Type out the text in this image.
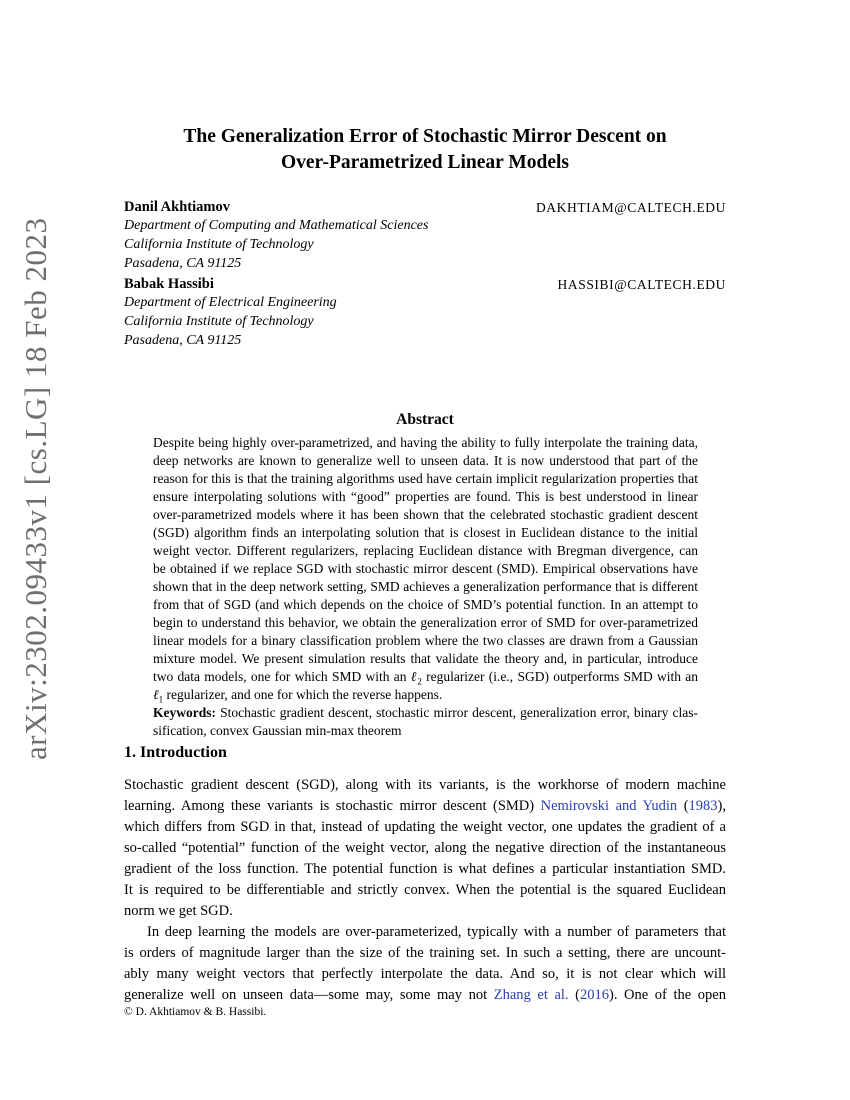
arXiv:2302.09433v1 [cs.LG] 18 Feb 2023
The Generalization Error of Stochastic Mirror Descent on
Over-Parametrized Linear Models
Danil Akhtiamov	DAKHTIAM@CALTECH.EDU
Department of Computing and Mathematical Sciences
California Institute of Technology
Pasadena, CA 91125
Babak Hassibi	HASSIBI@CALTECH.EDU
Department of Electrical Engineering
California Institute of Technology
Pasadena, CA 91125
Abstract
Despite being highly over-parametrized, and having the ability to fully interpolate the training data,
deep networks are known to generalize well to unseen data. It is now understood that part of the
reason for this is that the training algorithms used have certain implicit regularization properties that
ensure interpolating solutions with “good” properties are found. This is best understood in linear
over-parametrized models where it has been shown that the celebrated stochastic gradient descent
(SGD) algorithm finds an interpolating solution that is closest in Euclidean distance to the initial
weight vector. Different regularizers, replacing Euclidean distance with Bregman divergence, can
be obtained if we replace SGD with stochastic mirror descent (SMD). Empirical observations have
shown that in the deep network setting, SMD achieves a generalization performance that is different
from that of SGD (and which depends on the choice of SMD’s potential function. In an attempt to
begin to understand this behavior, we obtain the generalization error of SMD for over-parametrized
linear models for a binary classification problem where the two classes are drawn from a Gaussian
mixture model. We present simulation results that validate the theory and, in particular, introduce
two data models, one for which SMD with an ℓ$_2$ regularizer (i.e., SGD) outperforms SMD with an
ℓ$_1$ regularizer, and one for which the reverse happens.
Keywords: Stochastic gradient descent, stochastic mirror descent, generalization error, binary clas-
sification, convex Gaussian min-max theorem
1. Introduction
Stochastic gradient descent (SGD), along with its variants, is the workhorse of modern machine
learning. Among these variants is stochastic mirror descent (SMD) Nemirovski and Yudin (1983),
which differs from SGD in that, instead of updating the weight vector, one updates the gradient of a
so-called “potential” function of the weight vector, along the negative direction of the instantaneous
gradient of the loss function. The potential function is what defines a particular instantiation SMD.
It is required to be differentiable and strictly convex. When the potential is the squared Euclidean
norm we get SGD.
In deep learning the models are over-parameterized, typically with a number of parameters that
is orders of magnitude larger than the size of the training set. In such a setting, there are uncount-
ably many weight vectors that perfectly interpolate the data. And so, it is not clear which will
generalize well on unseen data—some may, some may not Zhang et al. (2016). One of the open
© D. Akhtiamov & B. Hassibi.
